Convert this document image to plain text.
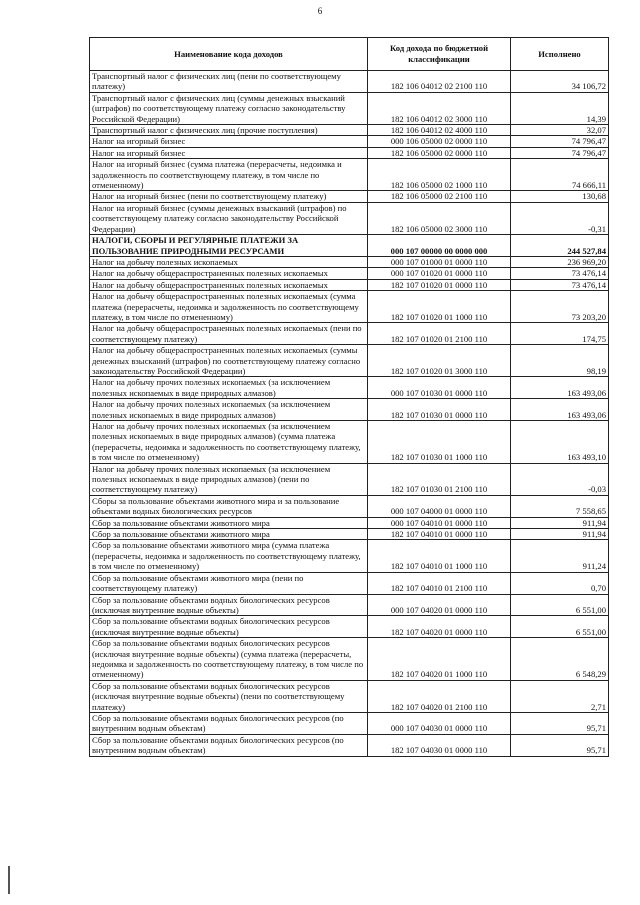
6
Наименование кода доходов	Код дохода по бюджетной классификации	Исполнено
Транспортный налог с физических лиц (пени по соответствующему платежу)	182 106 04012 02 2100 110	34 106,72
Транспортный налог с физических лиц (суммы денежных взысканий (штрафов) по соответствующему платежу согласно законодательству Российской Федерации)	182 106 04012 02 3000 110	14,39
Транспортный налог с физических лиц (прочие поступления)	182 106 04012 02 4000 110	32,07
Налог на игорный бизнес	000 106 05000 02 0000 110	74 796,47
Налог на игорный бизнес	182 106 05000 02 0000 110	74 796,47
Налог на игорный бизнес (сумма платежа (перерасчеты, недоимка и задолженность по соответствующему платежу, в том числе по отмененному)	182 106 05000 02 1000 110	74 666,11
Налог на игорный бизнес (пени по соответствующему платежу)	182 106 05000 02 2100 110	130,68
Налог на игорный бизнес (суммы денежных взысканий (штрафов) по соответствующему платежу согласно законодательству Российской Федерации)	182 106 05000 02 3000 110	-0,31
НАЛОГИ, СБОРЫ И РЕГУЛЯРНЫЕ ПЛАТЕЖИ ЗА ПОЛЬЗОВАНИЕ ПРИРОДНЫМИ РЕСУРСАМИ	000 107 00000 00 0000 000	244 527,84
Налог на добычу полезных ископаемых	000 107 01000 01 0000 110	236 969,20
Налог на добычу общераспространенных полезных ископаемых	000 107 01020 01 0000 110	73 476,14
Налог на добычу общераспространенных полезных ископаемых	182 107 01020 01 0000 110	73 476,14
Налог на добычу общераспространенных полезных ископаемых (сумма платежа (перерасчеты, недоимка и задолженность по соответствующему платежу, в том числе по отмененному)	182 107 01020 01 1000 110	73 203,20
Налог на добычу общераспространенных полезных ископаемых (пени по соответствующему платежу)	182 107 01020 01 2100 110	174,75
Налог на добычу общераспространенных полезных ископаемых (суммы денежных взысканий (штрафов) по соответствующему платежу согласно законодательству Российской Федерации)	182 107 01020 01 3000 110	98,19
Налог на добычу прочих полезных ископаемых (за исключением полезных ископаемых в виде природных алмазов)	000 107 01030 01 0000 110	163 493,06
Налог на добычу прочих полезных ископаемых (за исключением полезных ископаемых в виде природных алмазов)	182 107 01030 01 0000 110	163 493,06
Налог на добычу прочих полезных ископаемых (за исключением полезных ископаемых в виде природных алмазов) (сумма платежа (перерасчеты, недоимка и задолженность по соответствующему платежу, в том числе по отмененному)	182 107 01030 01 1000 110	163 493,10
Налог на добычу прочих полезных ископаемых (за исключением полезных ископаемых в виде природных алмазов) (пени по соответствующему платежу)	182 107 01030 01 2100 110	-0,03
Сборы за пользование объектами животного мира и за пользование объектами водных биологических ресурсов	000 107 04000 01 0000 110	7 558,65
Сбор за пользование объектами животного мира	000 107 04010 01 0000 110	911,94
Сбор за пользование объектами животного мира	182 107 04010 01 0000 110	911,94
Сбор за пользование объектами животного мира (сумма платежа (перерасчеты, недоимка и задолженность по соответствующему платежу, в том числе по отмененному)	182 107 04010 01 1000 110	911,24
Сбор за пользование объектами животного мира (пени по соответствующему платежу)	182 107 04010 01 2100 110	0,70
Сбор за пользование объектами водных биологических ресурсов (исключая внутренние водные объекты)	000 107 04020 01 0000 110	6 551,00
Сбор за пользование объектами водных биологических ресурсов (исключая внутренние водные объекты)	182 107 04020 01 0000 110	6 551,00
Сбор за пользование объектами водных биологических ресурсов (исключая внутренние водные объекты) (сумма платежа (перерасчеты, недоимка и задолженность по соответствующему платежу, в том числе по отмененному)	182 107 04020 01 1000 110	6 548,29
Сбор за пользование объектами водных биологических ресурсов (исключая внутренние водные объекты) (пени по соответствующему платежу)	182 107 04020 01 2100 110	2,71
Сбор за пользование объектами водных биологических ресурсов (по внутренним водным объектам)	000 107 04030 01 0000 110	95,71
Сбор за пользование объектами водных биологических ресурсов (по внутренним водным объектам)	182 107 04030 01 0000 110	95,71
